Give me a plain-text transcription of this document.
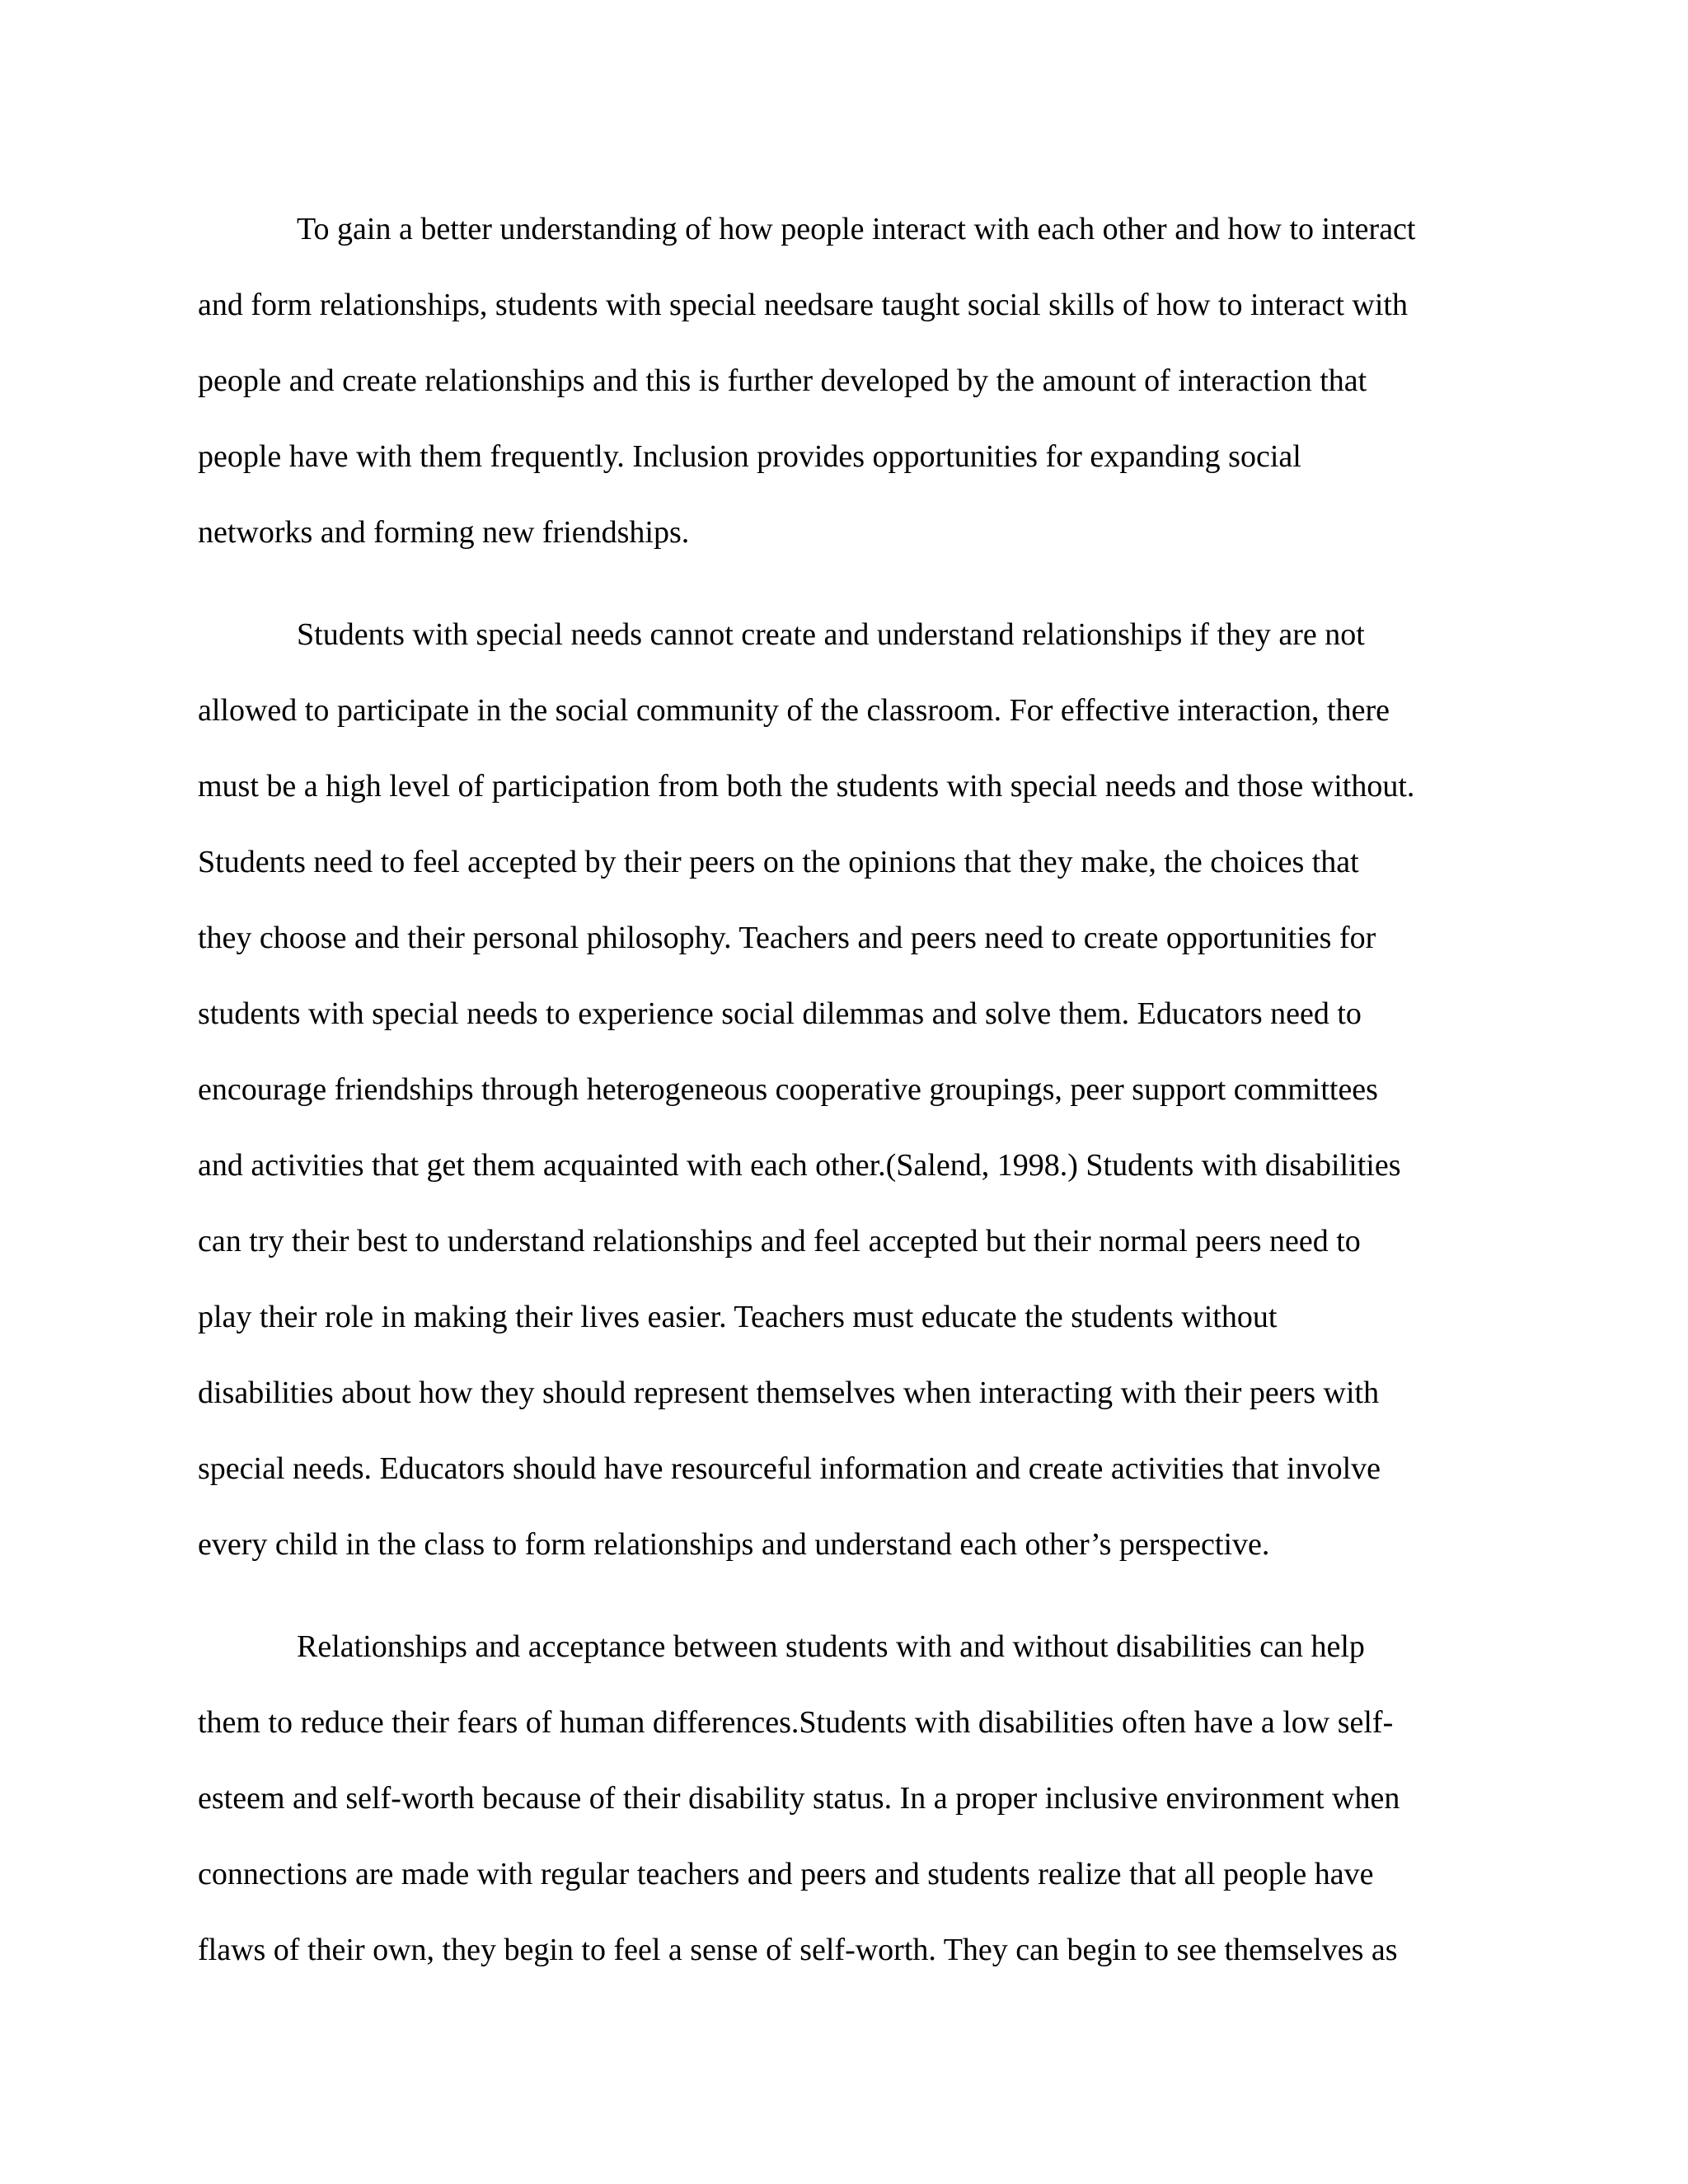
To gain a better understanding of how people interact with each other and how to interact
and form relationships, students with special needsare taught social skills of how to interact with
people and create relationships and this is further developed by the amount of interaction that
people have with them frequently. Inclusion provides opportunities for expanding social
networks and forming new friendships.
Students with special needs cannot create and understand relationships if they are not
allowed to participate in the social community of the classroom. For effective interaction, there
must be a high level of participation from both the students with special needs and those without.
Students need to feel accepted by their peers on the opinions that they make, the choices that
they choose and their personal philosophy. Teachers and peers need to create opportunities for
students with special needs to experience social dilemmas and solve them. Educators need to
encourage friendships through heterogeneous cooperative groupings, peer support committees
and activities that get them acquainted with each other.(Salend, 1998.) Students with disabilities
can try their best to understand relationships and feel accepted but their normal peers need to
play their role in making their lives easier. Teachers must educate the students without
disabilities about how they should represent themselves when interacting with their peers with
special needs. Educators should have resourceful information and create activities that involve
every child in the class to form relationships and understand each other’s perspective.
Relationships and acceptance between students with and without disabilities can help
them to reduce their fears of human differences.Students with disabilities often have a low self-
esteem and self-worth because of their disability status. In a proper inclusive environment when
connections are made with regular teachers and peers and students realize that all people have
flaws of their own, they begin to feel a sense of self-worth. They can begin to see themselves as
